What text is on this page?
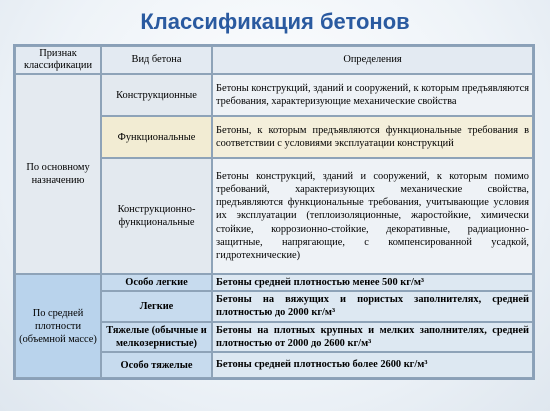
Классификация бетонов
Признак классификации	Вид бетона	Определения
По основному назначению	Конструкционные	Бетоны конструкций, зданий и сооружений, к которым предъявляются требования, характеризующие механические свойства
	Функциональные	Бетоны, к которым предъявляются функциональные требования в соответствии с условиями эксплуатации конструкций
	Конструкционно-функциональные	Бетоны конструкций, зданий и сооружений, к которым помимо требований, характеризующих механические свойства, предъявляются функциональные требования, учитывающие условия их эксплуатации (теплоизоляционные, жаростойкие, химически стойкие, коррозионно-стойкие, декоративные, радиационно-защитные, напрягающие, с компенсированной усадкой, гидротехнические)
По средней плотности (объемной массе)	Особо легкие	Бетоны средней плотностью менее 500 кг/м³
	Легкие	Бетоны на вяжущих и пористых заполнителях, средней плотностью до 2000 кг/м³
	Тяжелые (обычные и мелкозернистые)	Бетоны на плотных крупных и мелких заполнителях, средней плотностью от 2000 до 2600 кг/м³
	Особо тяжелые	Бетоны средней плотностью более 2600 кг/м³
